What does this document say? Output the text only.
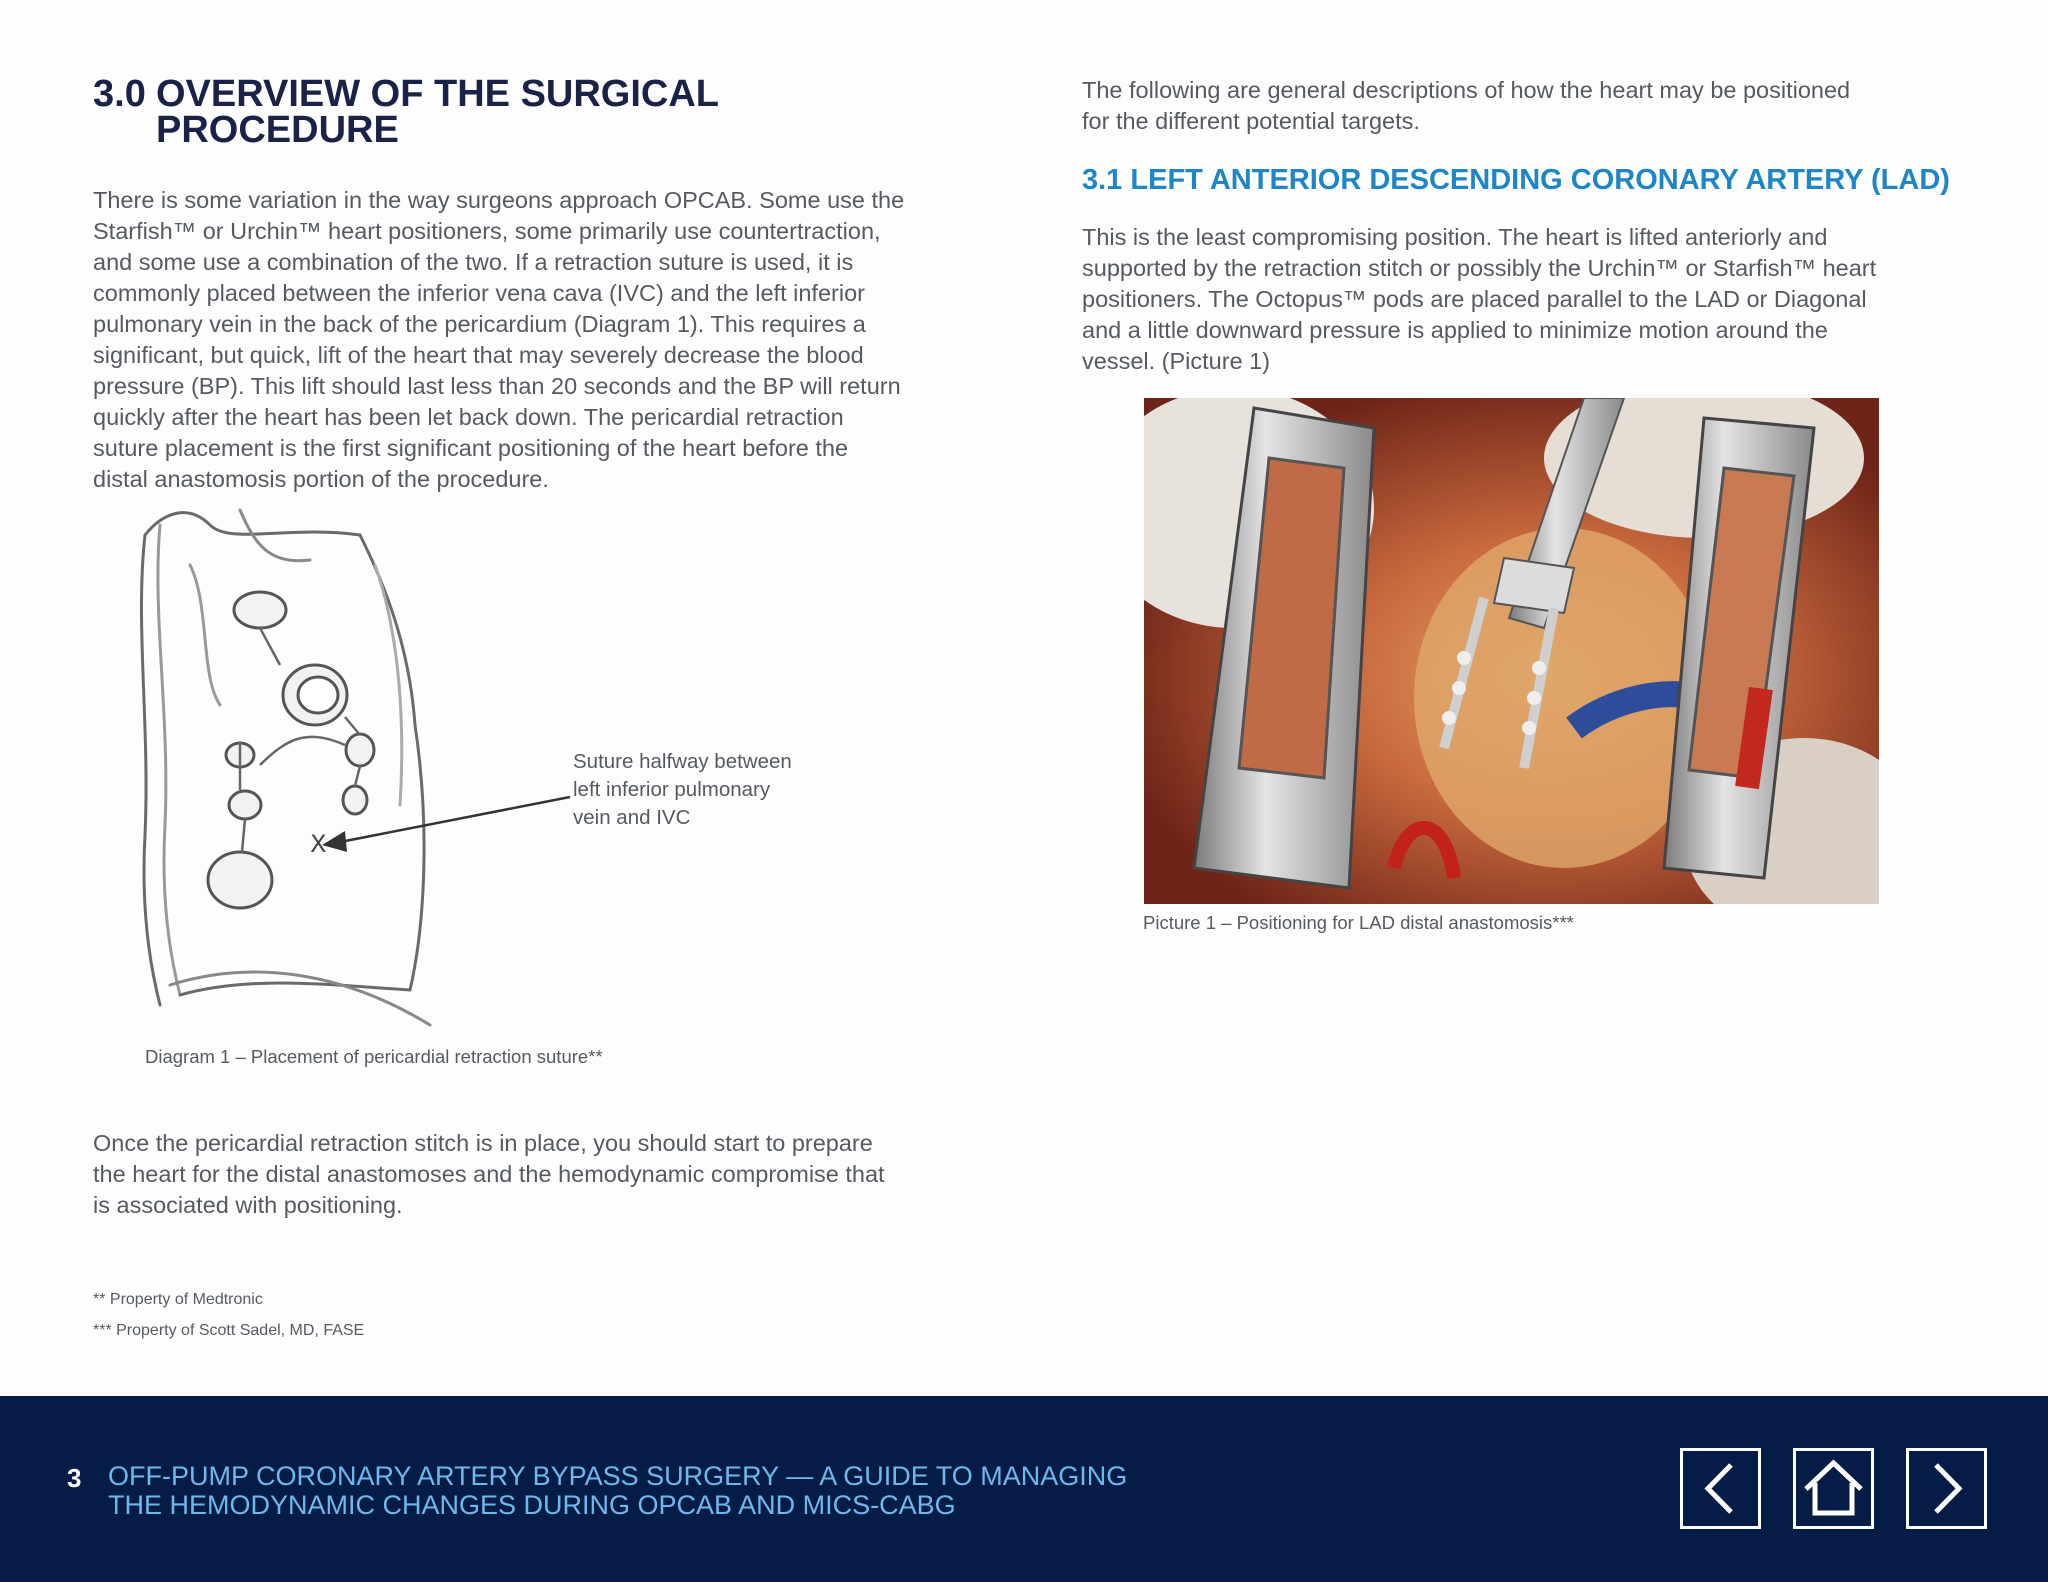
3.0 OVERVIEW OF THE SURGICAL PROCEDURE
There is some variation in the way surgeons approach OPCAB. Some use the
Starfish™ or Urchin™ heart positioners, some primarily use countertraction,
and some use a combination of the two. If a retraction suture is used, it is
commonly placed between the inferior vena cava (IVC) and the left inferior
pulmonary vein in the back of the pericardium (Diagram 1). This requires a
significant, but quick, lift of the heart that may severely decrease the blood
pressure (BP). This lift should last less than 20 seconds and the BP will return
quickly after the heart has been let back down. The pericardial retraction
suture placement is the first significant positioning of the heart before the
distal anastomosis portion of the procedure.
X
Suture halfway between
left inferior pulmonary
vein and IVC
Diagram 1 – Placement of pericardial retraction suture**
Once the pericardial retraction stitch is in place, you should start to prepare
the heart for the distal anastomoses and the hemodynamic compromise that
is associated with positioning.
** Property of Medtronic
*** Property of Scott Sadel, MD, FASE
The following are general descriptions of how the heart may be positioned
for the different potential targets.
3.1 LEFT ANTERIOR DESCENDING CORONARY ARTERY (LAD)
This is the least compromising position. The heart is lifted anteriorly and
supported by the retraction stitch or possibly the Urchin™ or Starfish™ heart
positioners. The Octopus™ pods are placed parallel to the LAD or Diagonal
and a little downward pressure is applied to minimize motion around the
vessel. (Picture 1)
Picture 1 – Positioning for LAD distal anastomosis***
3 OFF-PUMP CORONARY ARTERY BYPASS SURGERY — A GUIDE TO MANAGING
THE HEMODYNAMIC CHANGES DURING OPCAB AND MICS-CABG
